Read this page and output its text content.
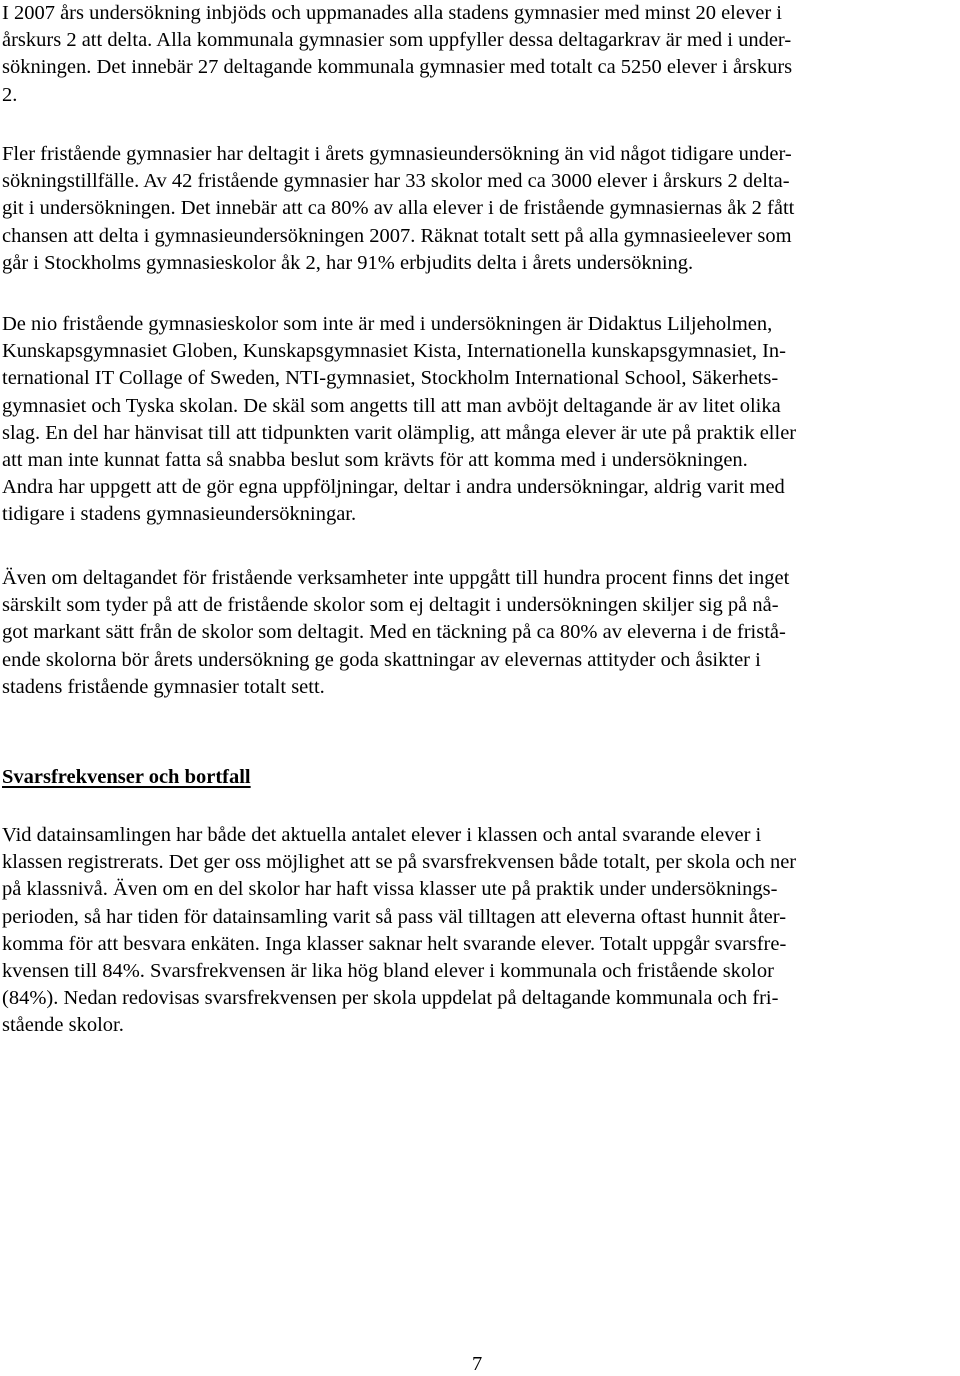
I 2007 års undersökning inbjöds och uppmanades alla stadens gymnasier med minst 20 elever i
årskurs 2 att delta. Alla kommunala gymnasier som uppfyller dessa deltagarkrav är med i under-
sökningen. Det innebär 27 deltagande kommunala gymnasier med totalt ca 5250 elever i årskurs
2.
Fler fristående gymnasier har deltagit i årets gymnasieundersökning än vid något tidigare under-
sökningstillfälle. Av 42 fristående gymnasier har 33 skolor med ca 3000 elever i årskurs 2 delta-
git i undersökningen. Det innebär att ca 80% av alla elever i de fristående gymnasiernas åk 2 fått
chansen att delta i gymnasieundersökningen 2007. Räknat totalt sett på alla gymnasieelever som
går i Stockholms gymnasieskolor åk 2, har 91% erbjudits delta i årets undersökning.
De nio fristående gymnasieskolor som inte är med i undersökningen är Didaktus Liljeholmen,
Kunskapsgymnasiet Globen, Kunskapsgymnasiet Kista, Internationella kunskapsgymnasiet, In-
ternational IT Collage of Sweden, NTI-gymnasiet, Stockholm International School, Säkerhets-
gymnasiet och Tyska skolan. De skäl som angetts till att man avböjt deltagande är av litet olika
slag. En del har hänvisat till att tidpunkten varit olämplig, att många elever är ute på praktik eller
att man inte kunnat fatta så snabba beslut som krävts för att komma med i undersökningen.
Andra har uppgett att de gör egna uppföljningar, deltar i andra undersökningar, aldrig varit med
tidigare i stadens gymnasieundersökningar.
Även om deltagandet för fristående verksamheter inte uppgått till hundra procent finns det inget
särskilt som tyder på att de fristående skolor som ej deltagit i undersökningen skiljer sig på nå-
got markant sätt från de skolor som deltagit. Med en täckning på ca 80% av eleverna i de fristå-
ende skolorna bör årets undersökning ge goda skattningar av elevernas attityder och åsikter i
stadens fristående gymnasier totalt sett.
Svarsfrekvenser och bortfall
Vid datainsamlingen har både det aktuella antalet elever i klassen och antal svarande elever i
klassen registrerats. Det ger oss möjlighet att se på svarsfrekvensen både totalt, per skola och ner
på klassnivå. Även om en del skolor har haft vissa klasser ute på praktik under undersöknings-
perioden, så har tiden för datainsamling varit så pass väl tilltagen att eleverna oftast hunnit åter-
komma för att besvara enkäten. Inga klasser saknar helt svarande elever. Totalt uppgår svarsfre-
kvensen till 84%. Svarsfrekvensen är lika hög bland elever i kommunala och fristående skolor
(84%). Nedan redovisas svarsfrekvensen per skola uppdelat på deltagande kommunala och fri-
stående skolor.
7
